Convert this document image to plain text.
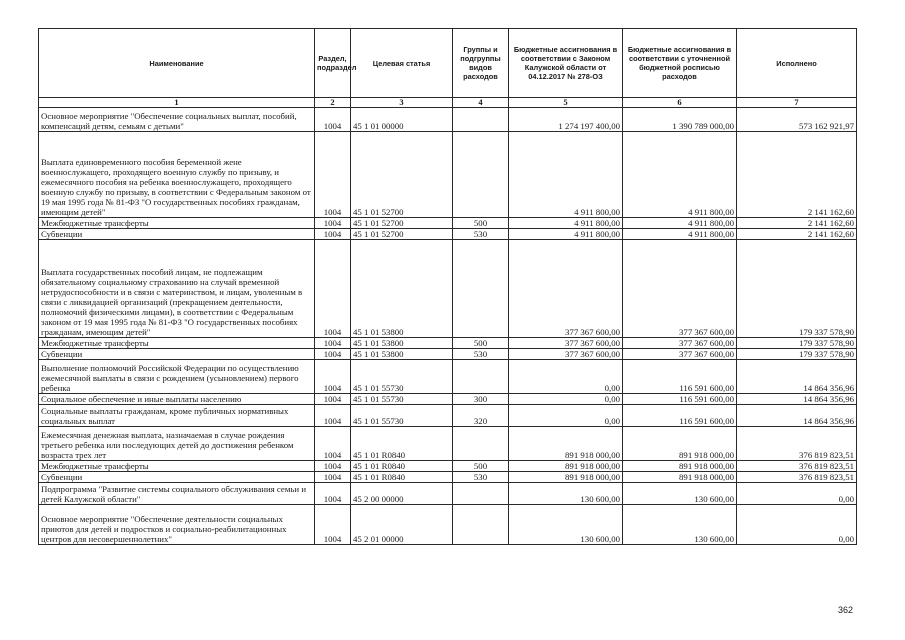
Наименование	Раздел, подраздел	Целевая статья	Группы и подгруппы видов расходов	Бюджетные ассигнования в соответствии с Законом Калужской области от 04.12.2017 № 278-ОЗ	Бюджетные ассигнования в соответствии с уточненной бюджетной росписью расходов	Исполнено
1	2	3	4	5	6	7
Основное мероприятие "Обеспечение социальных выплат, пособий, компенсаций детям, семьям с детьми"	1004	45 1 01 00000		1 274 197 400,00	1 390 789 000,00	573 162 921,97
Выплата единовременного пособия беременной жене военнослужащего, проходящего военную службу по призыву, и ежемесячного пособия на ребенка военнослужащего, проходящего военную службу по призыву, в соответствии с Федеральным законом от 19 мая 1995 года № 81-ФЗ "О государственных пособиях гражданам, имеющим детей"	1004	45 1 01 52700		4 911 800,00	4 911 800,00	2 141 162,60
Межбюджетные трансферты	1004	45 1 01 52700	500	4 911 800,00	4 911 800,00	2 141 162,60
Субвенции	1004	45 1 01 52700	530	4 911 800,00	4 911 800,00	2 141 162,60
Выплата государственных пособий лицам, не подлежащим обязательному социальному страхованию на случай временной нетрудоспособности и в связи с материнством, и лицам, уволенным в связи с ликвидацией организаций (прекращением деятельности, полномочий физическими лицами), в соответствии с Федеральным законом от 19 мая 1995 года № 81-ФЗ "О государственных пособиях гражданам, имеющим детей"	1004	45 1 01 53800		377 367 600,00	377 367 600,00	179 337 578,90
Межбюджетные трансферты	1004	45 1 01 53800	500	377 367 600,00	377 367 600,00	179 337 578,90
Субвенции	1004	45 1 01 53800	530	377 367 600,00	377 367 600,00	179 337 578,90
Выполнение полномочий Российской Федерации по осуществлению ежемесячной выплаты в связи с рождением (усыновлением) первого ребенка	1004	45 1 01 55730		0,00	116 591 600,00	14 864 356,96
Социальное обеспечение и иные выплаты населению	1004	45 1 01 55730	300	0,00	116 591 600,00	14 864 356,96
Социальные выплаты гражданам, кроме публичных нормативных социальных выплат	1004	45 1 01 55730	320	0,00	116 591 600,00	14 864 356,96
Ежемесячная денежная выплата, назначаемая в случае рождения третьего ребенка или последующих детей до достижения ребенком возраста трех лет	1004	45 1 01 R0840		891 918 000,00	891 918 000,00	376 819 823,51
Межбюджетные трансферты	1004	45 1 01 R0840	500	891 918 000,00	891 918 000,00	376 819 823,51
Субвенции	1004	45 1 01 R0840	530	891 918 000,00	891 918 000,00	376 819 823,51
Подпрограмма "Развитие системы социального обслуживания семьи и детей Калужской области"	1004	45 2 00 00000		130 600,00	130 600,00	0,00
Основное мероприятие "Обеспечение деятельности социальных приютов для детей и подростков и социально-реабилитационных центров для несовершеннолетних"	1004	45 2 01 00000		130 600,00	130 600,00	0,00
362
